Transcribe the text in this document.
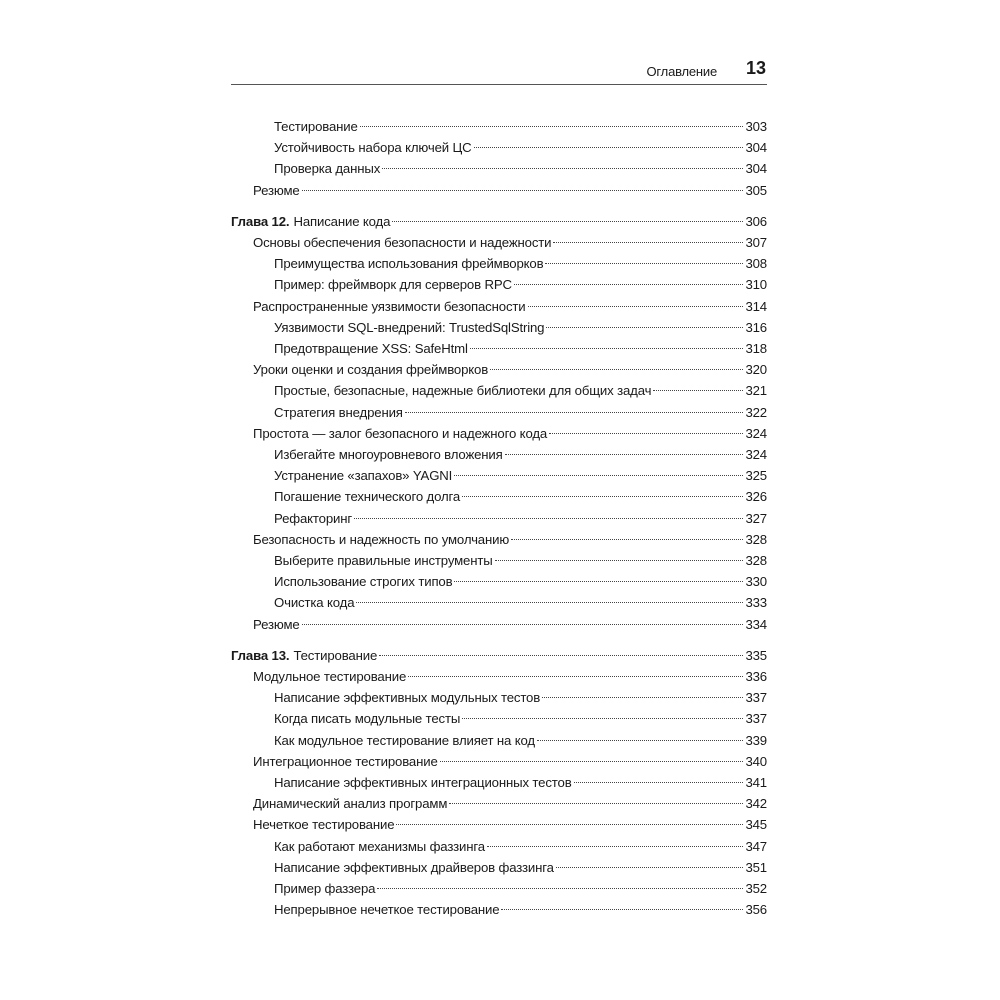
Оглавление 13
Тестирование	303
Устойчивость набора ключей ЦС	304
Проверка данных	304
Резюме	305
Глава 12. Написание кода	306
Основы обеспечения безопасности и надежности	307
Преимущества использования фреймворков	308
Пример: фреймворк для серверов RPC	310
Распространенные уязвимости безопасности	314
Уязвимости SQL-внедрений: TrustedSqlString	316
Предотвращение XSS: SafeHtml	318
Уроки оценки и создания фреймворков	320
Простые, безопасные, надежные библиотеки для общих задач	321
Стратегия внедрения	322
Простота — залог безопасного и надежного кода	324
Избегайте многоуровневого вложения	324
Устранение «запахов» YAGNI	325
Погашение технического долга	326
Рефакторинг	327
Безопасность и надежность по умолчанию	328
Выберите правильные инструменты	328
Использование строгих типов	330
Очистка кода	333
Резюме	334
Глава 13. Тестирование	335
Модульное тестирование	336
Написание эффективных модульных тестов	337
Когда писать модульные тесты	337
Как модульное тестирование влияет на код	339
Интеграционное тестирование	340
Написание эффективных интеграционных тестов	341
Динамический анализ программ	342
Нечеткое тестирование	345
Как работают механизмы фаззинга	347
Написание эффективных драйверов фаззинга	351
Пример фаззера	352
Непрерывное нечеткое тестирование	356
